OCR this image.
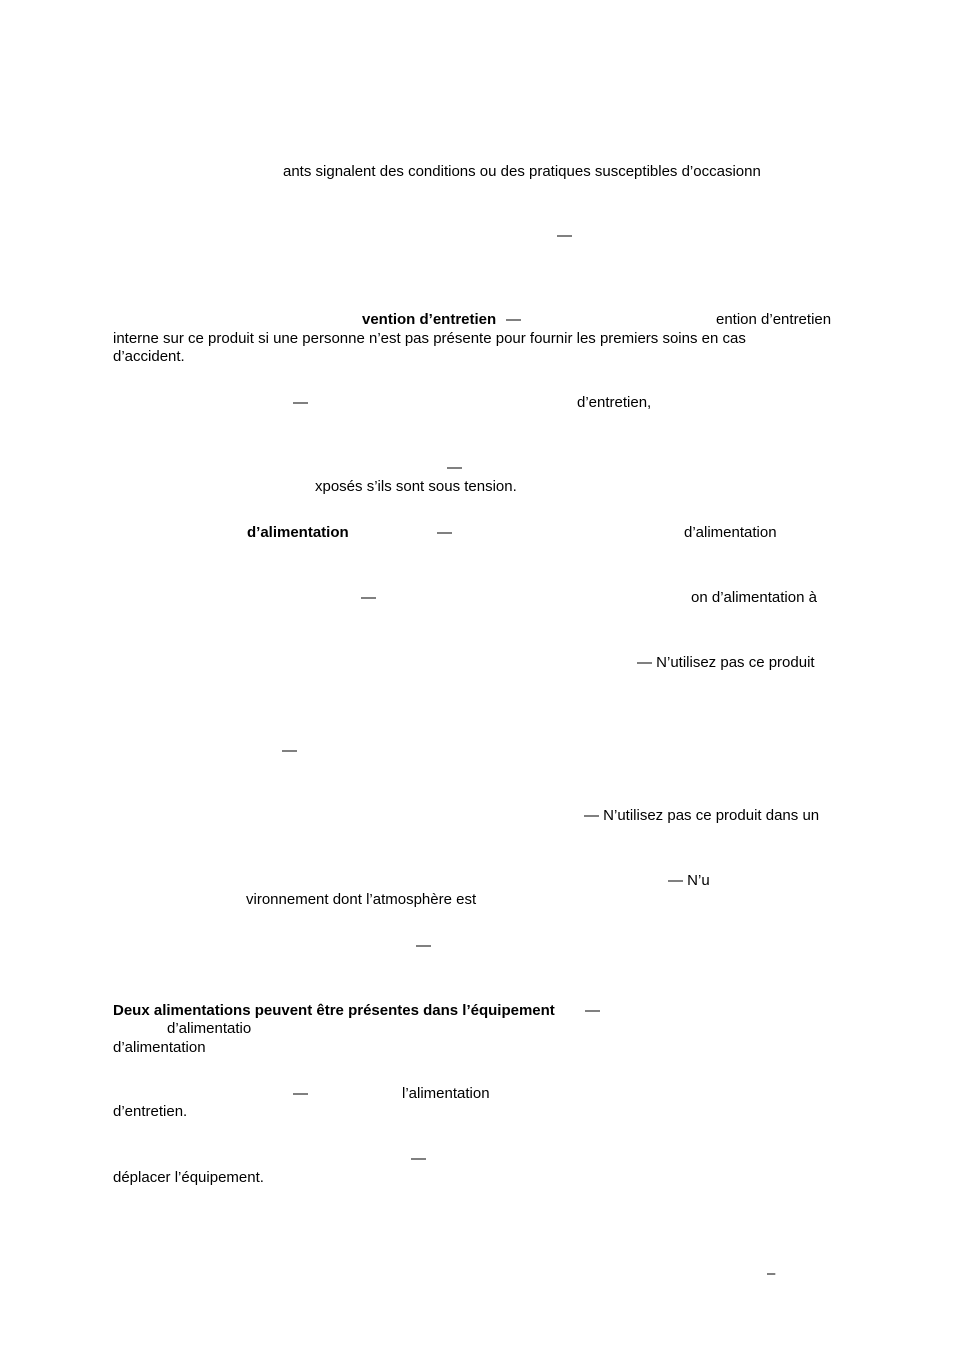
ants signalent des conditions ou des pratiques susceptibles d’occasionn
—
vention d’entretien —	ention d’entretien
interne sur ce produit si une personne n’est pas présente pour fournir les premiers soins en cas
d’accident.
—	d’entretien,
—
xposés s’ils sont sous tension.
d’alimentation	—	d’alimentation
—	on d’alimentation à
— N’utilisez pas ce produit
—
— N’utilisez pas ce produit dans un
— N’u
vironnement dont l’atmosphère est
—
Deux alimentations peuvent être présentes dans l’équipement —
d’alimentatio
d’alimentation
—	l’alimentation
d’entretien.
—
déplacer l’équipement.
–
